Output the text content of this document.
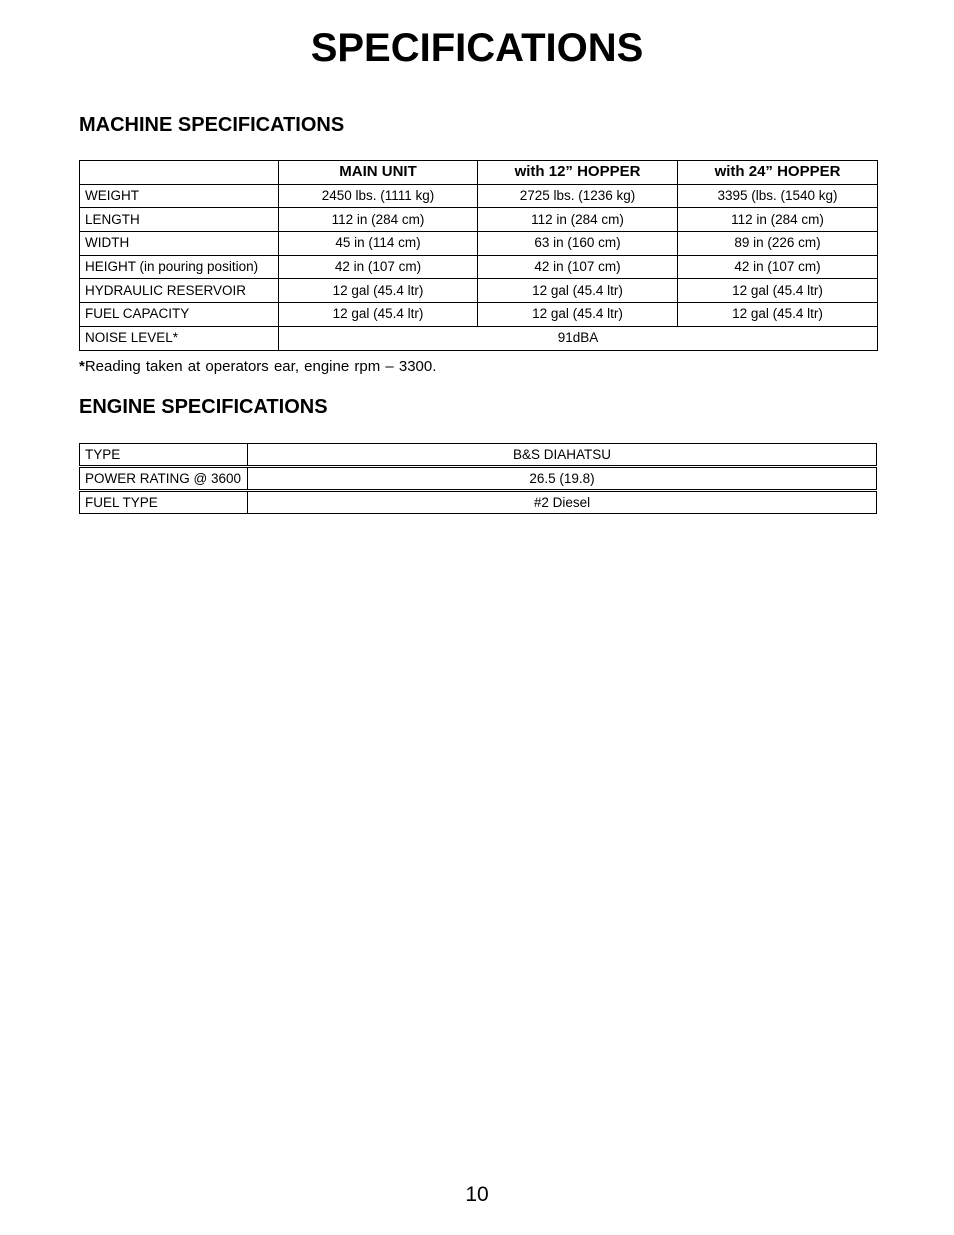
SPECIFICATIONS
MACHINE SPECIFICATIONS
	MAIN UNIT	with 12” HOPPER	with 24” HOPPER
WEIGHT	2450 lbs. (1111 kg)	2725 lbs. (1236 kg)	3395 (lbs. (1540 kg)
LENGTH	112 in (284 cm)	112 in (284 cm)	112 in (284 cm)
WIDTH	45 in (114 cm)	63 in (160 cm)	89 in (226 cm)
HEIGHT (in pouring position)	42 in (107 cm)	42 in (107 cm)	42 in (107 cm)
HYDRAULIC RESERVOIR	12 gal (45.4 ltr)	12 gal (45.4 ltr)	12 gal (45.4 ltr)
FUEL CAPACITY	12 gal (45.4 ltr)	12 gal (45.4 ltr)	12 gal (45.4 ltr)
NOISE LEVEL*	91dBA		

*Reading taken at operators ear, engine rpm – 3300.

ENGINE SPECIFICATIONS
TYPE	B&S DIAHATSU
POWER RATING @ 3600	26.5 (19.8)
FUEL TYPE	#2 Diesel

10
